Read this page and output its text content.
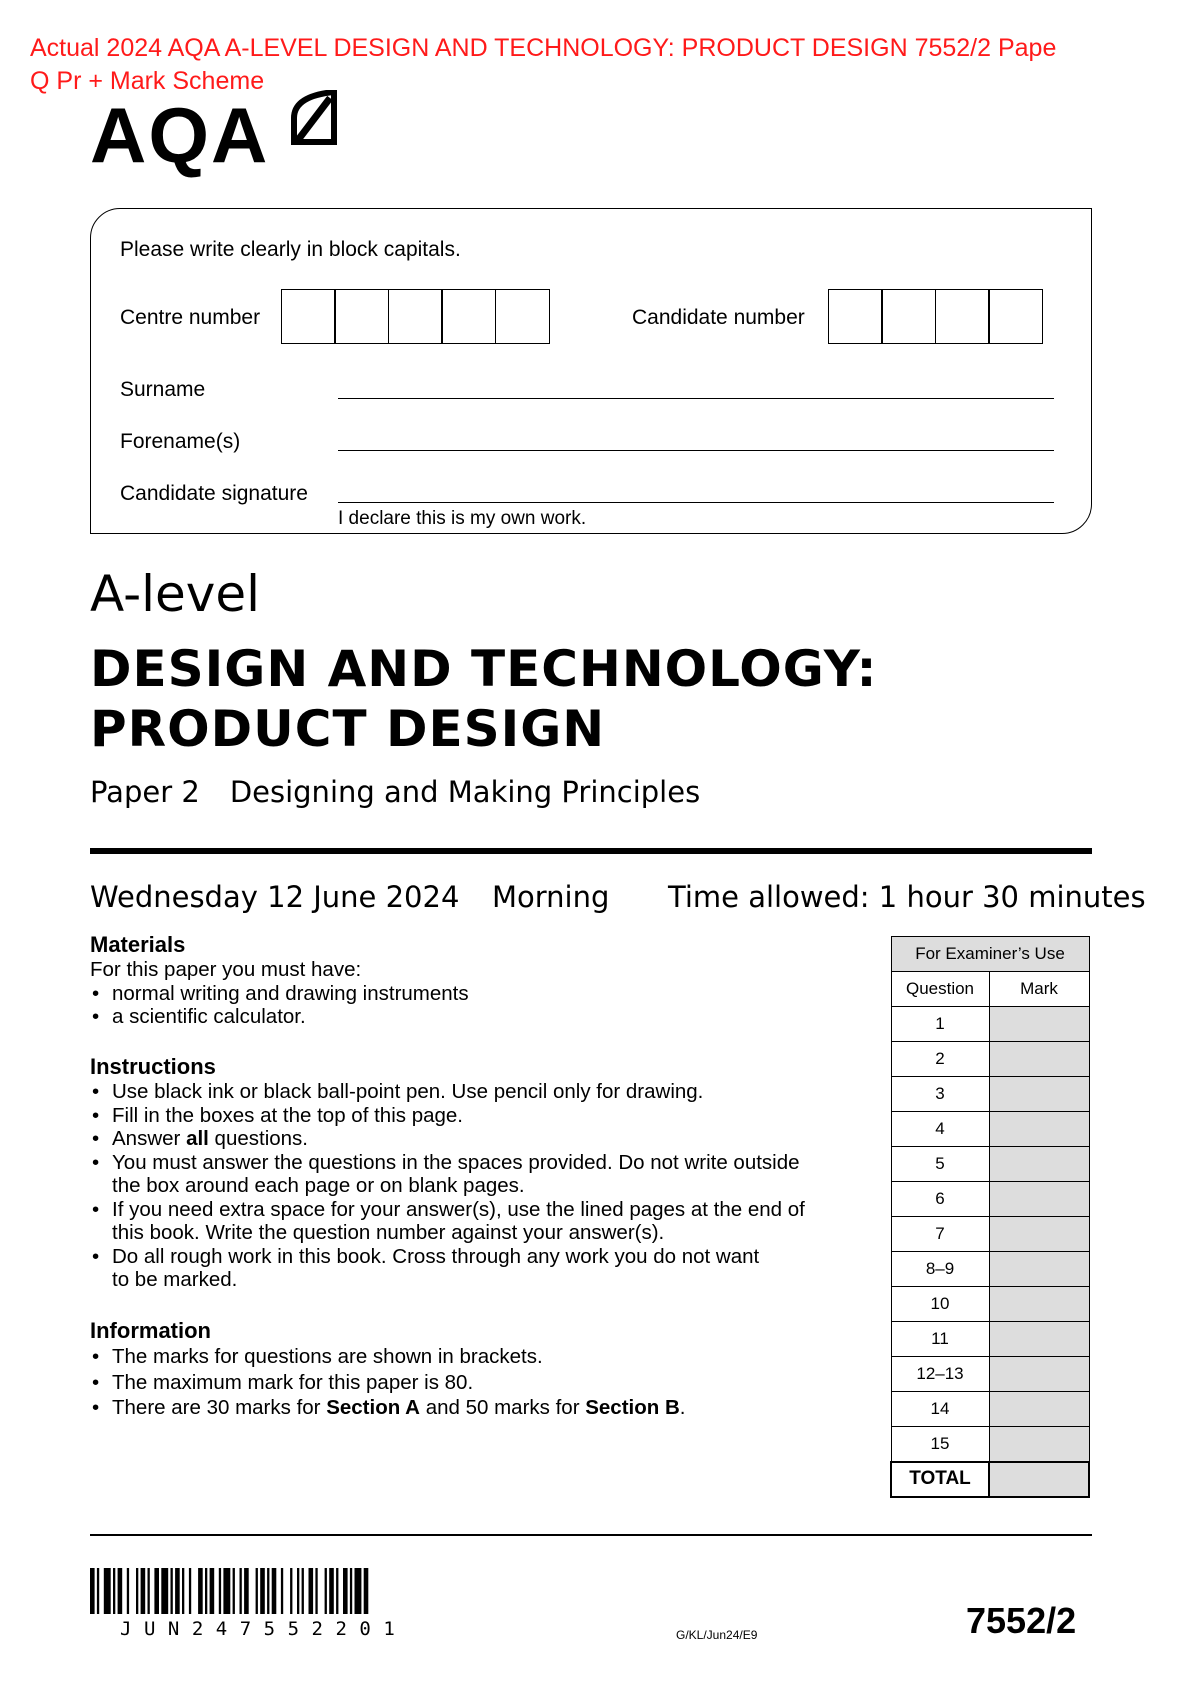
Actual 2024 AQA A-LEVEL DESIGN AND TECHNOLOGY: PRODUCT DESIGN 7552/2 Pape
Q Pr + Mark Scheme
AQA
Please write clearly in block capitals.
Centre number	Candidate number
Surname
Forename(s)
Candidate signature
I declare this is my own work.
A-level
DESIGN AND TECHNOLOGY:
PRODUCT DESIGN
Paper 2 Designing and Making Principles
Wednesday 12 June 2024 Morning Time allowed: 1 hour 30 minutes
Materials
For this paper you must have:
• normal writing and drawing instruments
• a scientific calculator.
Instructions
• Use black ink or black ball-point pen. Use pencil only for drawing.
• Fill in the boxes at the top of this page.
• Answer all questions.
• You must answer the questions in the spaces provided. Do not write outside
the box around each page or on blank pages.
• If you need extra space for your answer(s), use the lined pages at the end of
this book. Write the question number against your answer(s).
• Do all rough work in this book. Cross through any work you do not want
to be marked.
Information
• The marks for questions are shown in brackets.
• The maximum mark for this paper is 80.
• There are 30 marks for Section A and 50 marks for Section B.
For Examiner’s Use	
Question	Mark
1	
2	
3	
4	
5	
6	
7	
8–9	
10	
11	
12–13	
14	
15	
TOTAL	
JUN247552201	G/KL/Jun24/E9	7552/2
